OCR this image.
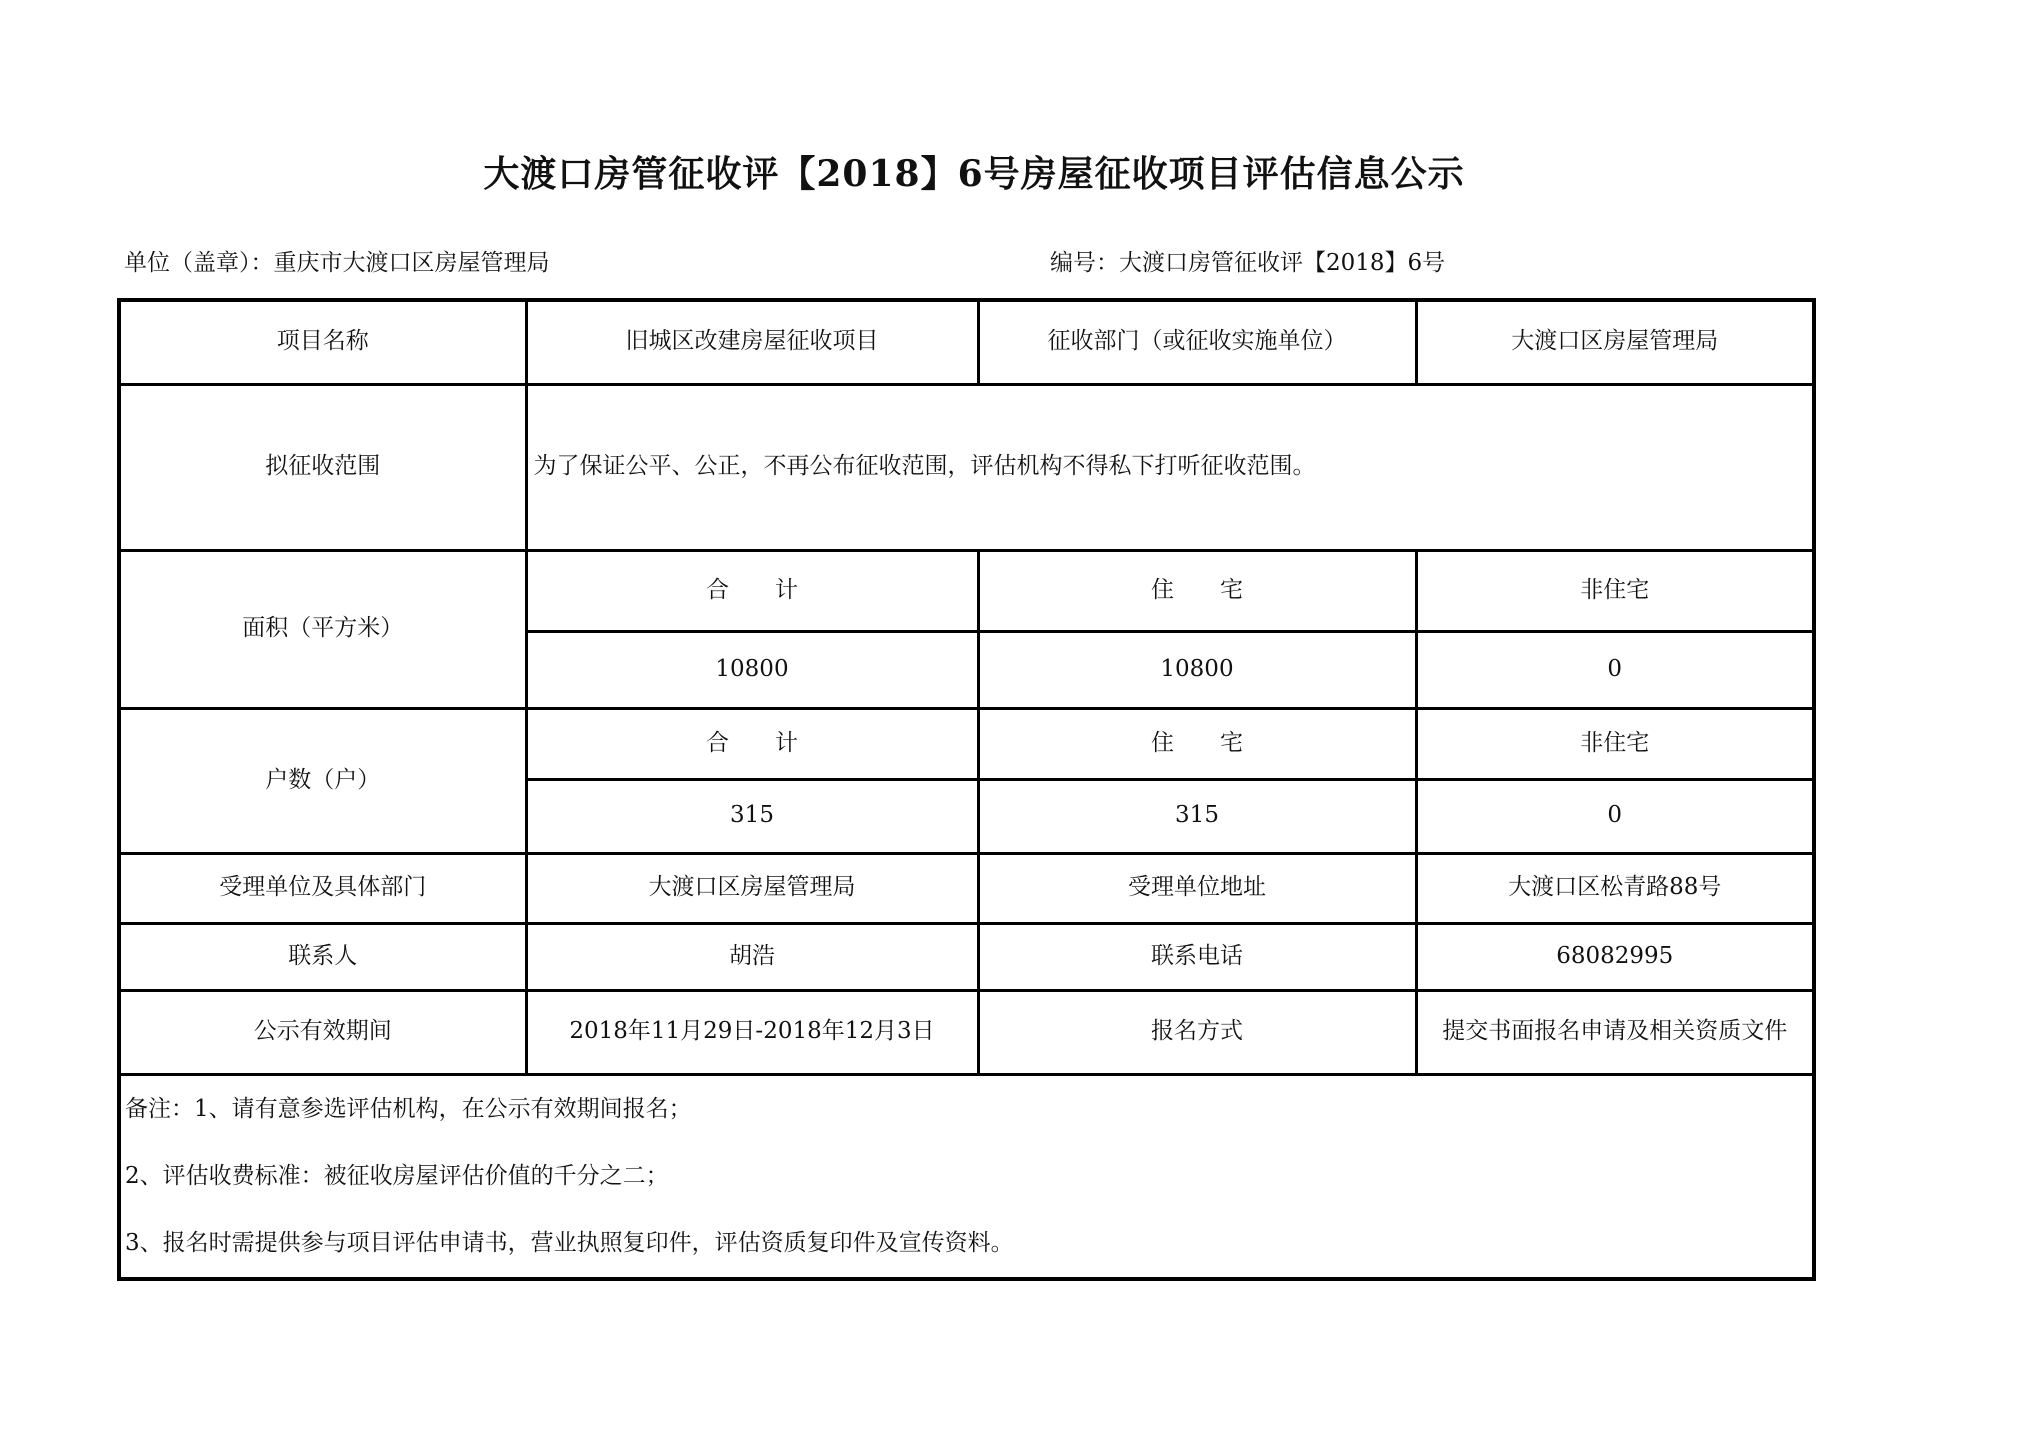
大渡口房管征收评【2018】6号房屋征收项目评估信息公示
单位（盖章）：重庆市大渡口区房屋管理局	编号：大渡口房管征收评【2018】6号
项目名称	旧城区改建房屋征收项目	征收部门（或征收实施单位）	大渡口区房屋管理局
拟征收范围	为了保证公平、公正，不再公布征收范围，评估机构不得私下打听征收范围。		
面积（平方米）	合　　计	住　　宅	非住宅
	10800	10800	0
户数（户）	合　　计	住　　宅	非住宅
	315	315	0
受理单位及具体部门	大渡口区房屋管理局	受理单位地址	大渡口区松青路88号
联系人	胡浩	联系电话	68082995
公示有效期间	2018年11月29日-2018年12月3日	报名方式	提交书面报名申请及相关资质文件

备注：1、请有意参选评估机构，在公示有效期间报名；
2、评估收费标准：被征收房屋评估价值的千分之二；
3、报名时需提供参与项目评估申请书，营业执照复印件，评估资质复印件及宣传资料。			
